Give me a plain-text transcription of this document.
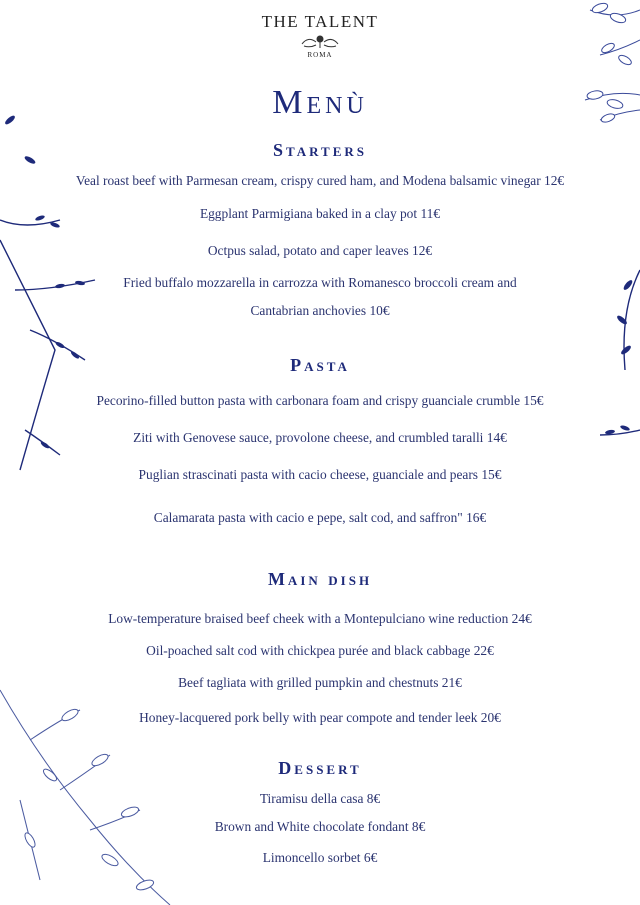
THE TALENT
ROMA
Menù
Starters
Veal roast beef with Parmesan cream, crispy cured ham, and Modena balsamic vinegar 12€
Eggplant Parmigiana baked in a clay pot 11€
Octpus salad, potato and caper leaves 12€
Fried buffalo mozzarella in carrozza with Romanesco broccoli cream and
Cantabrian anchovies 10€
Pasta
Pecorino-filled button pasta with carbonara foam and crispy guanciale crumble 15€
Ziti with Genovese sauce, provolone cheese, and crumbled taralli 14€
Puglian strascinati pasta with cacio cheese, guanciale and pears 15€
Calamarata pasta with cacio e pepe, salt cod, and saffron" 16€
Main dish
Low-temperature braised beef cheek with a Montepulciano wine reduction 24€
Oil-poached salt cod with chickpea purée and black cabbage 22€
Beef tagliata with grilled pumpkin and chestnuts 21€
Honey-lacquered pork belly with pear compote and tender leek 20€
Dessert
Tiramisu della casa 8€
Brown and White chocolate fondant 8€
Limoncello sorbet 6€
